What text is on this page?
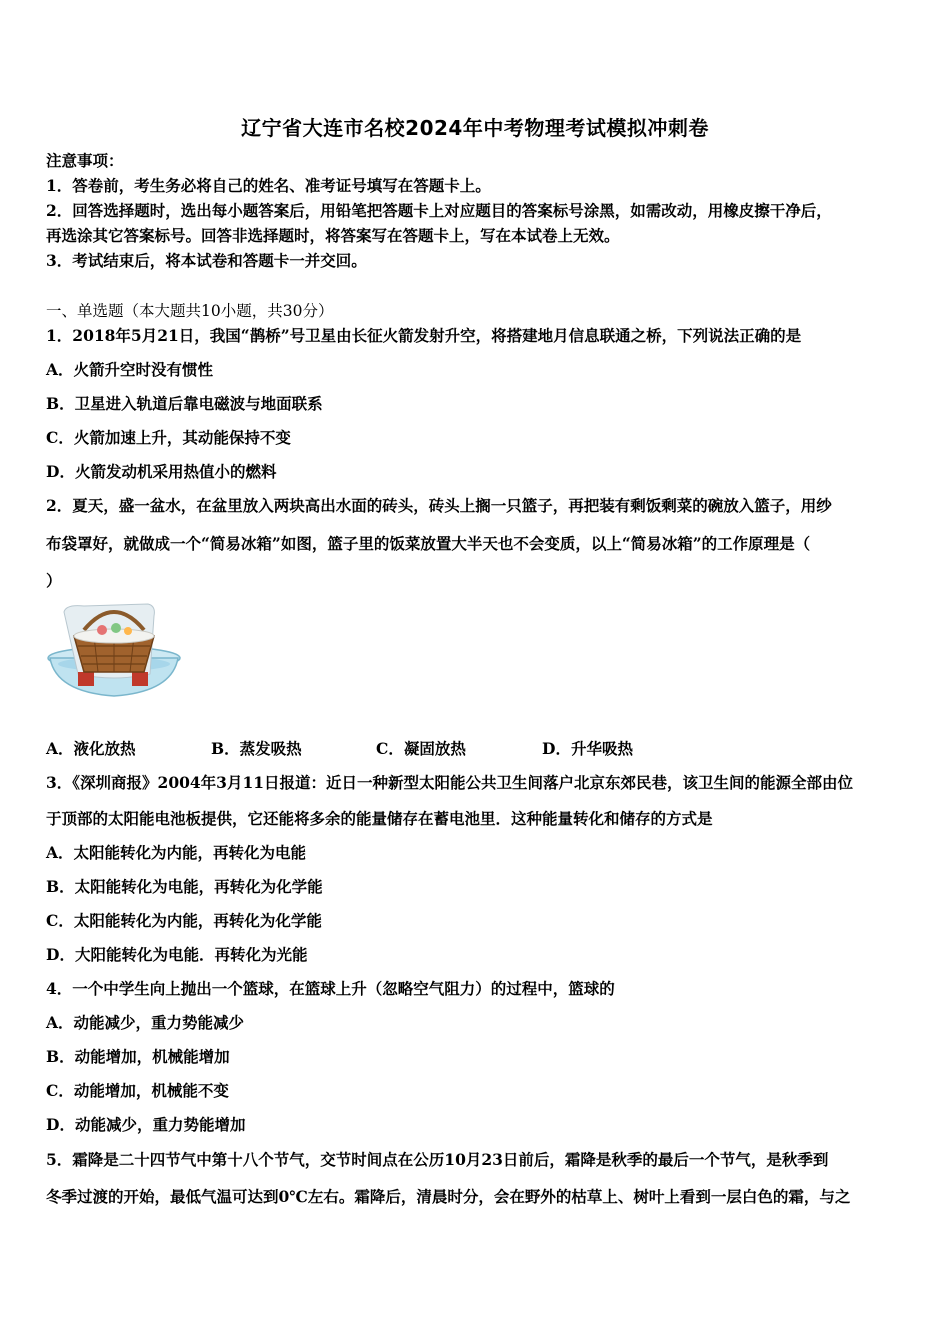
辽宁省大连市名校2024年中考物理考试模拟冲刺卷
注意事项：
1．答卷前，考生务必将自己的姓名、准考证号填写在答题卡上。
2．回答选择题时，选出每小题答案后，用铅笔把答题卡上对应题目的答案标号涂黑，如需改动，用橡皮擦干净后，
再选涂其它答案标号。回答非选择题时，将答案写在答题卡上，写在本试卷上无效。
3．考试结束后，将本试卷和答题卡一并交回。
一、单选题（本大题共10小题，共30分）
1．2018年5月21日，我国“鹊桥”号卫星由长征火箭发射升空，将搭建地月信息联通之桥，下列说法正确的是
A．火箭升空时没有惯性
B．卫星进入轨道后靠电磁波与地面联系
C．火箭加速上升，其动能保持不变
D．火箭发动机采用热值小的燃料
2．夏天，盛一盆水，在盆里放入两块高出水面的砖头，砖头上搁一只篮子，再把装有剩饭剩菜的碗放入篮子，用纱
布袋罩好，就做成一个“简易冰箱”如图，篮子里的饭菜放置大半天也不会变质，以上“简易冰箱”的工作原理是（
）
A．液化放热	B．蒸发吸热	C．凝固放热	D．升华吸热
3．《深圳商报》2004年3月11日报道：近日一种新型太阳能公共卫生间落户北京东郊民巷，该卫生间的能源全部由位
于顶部的太阳能电池板提供，它还能将多余的能量储存在蓄电池里．这种能量转化和储存的方式是
A．太阳能转化为内能，再转化为电能
B．太阳能转化为电能，再转化为化学能
C．太阳能转化为内能，再转化为化学能
D．大阳能转化为电能．再转化为光能
4．一个中学生向上抛出一个篮球，在篮球上升（忽略空气阻力）的过程中，篮球的
A．动能减少，重力势能减少
B．动能增加，机械能增加
C．动能增加，机械能不变
D．动能减少，重力势能增加
5．霜降是二十四节气中第十八个节气，交节时间点在公历10月23日前后，霜降是秋季的最后一个节气，是秋季到
冬季过渡的开始，最低气温可达到0℃左右。霜降后，清晨时分，会在野外的枯草上、树叶上看到一层白色的霜，与之
